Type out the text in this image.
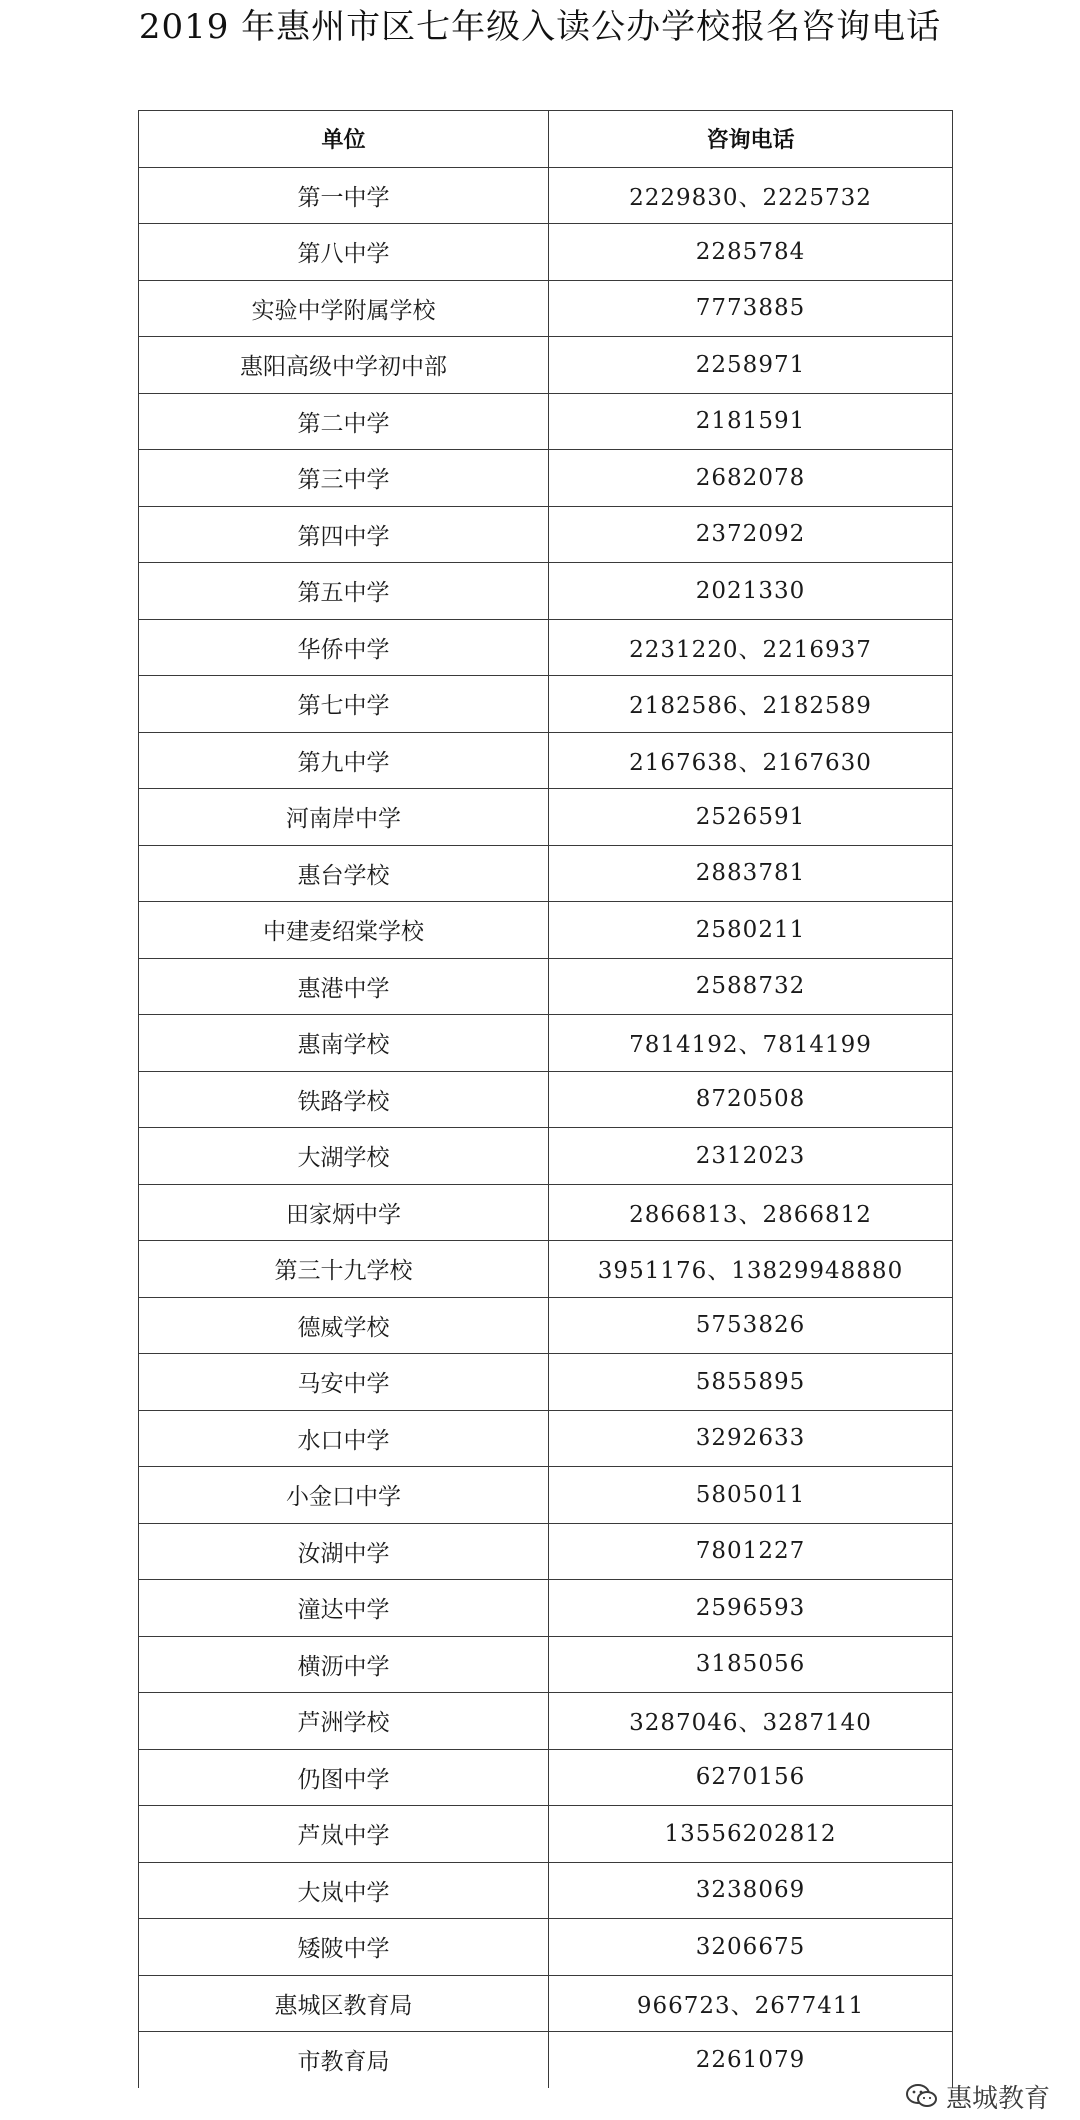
2019 年惠州市区七年级入读公办学校报名咨询电话
单位	咨询电话
第一中学	2229830、2225732
第八中学	2285784
实验中学附属学校	7773885
惠阳高级中学初中部	2258971
第二中学	2181591
第三中学	2682078
第四中学	2372092
第五中学	2021330
华侨中学	2231220、2216937
第七中学	2182586、2182589
第九中学	2167638、2167630
河南岸中学	2526591
惠台学校	2883781
中建麦绍棠学校	2580211
惠港中学	2588732
惠南学校	7814192、7814199
铁路学校	8720508
大湖学校	2312023
田家炳中学	2866813、2866812
第三十九学校	3951176、13829948880
德威学校	5753826
马安中学	5855895
水口中学	3292633
小金口中学	5805011
汝湖中学	7801227
潼达中学	2596593
横沥中学	3185056
芦洲学校	3287046、3287140
仍图中学	6270156
芦岚中学	13556202812
大岚中学	3238069
矮陂中学	3206675
惠城区教育局	966723、2677411
市教育局	2261079
惠城教育
